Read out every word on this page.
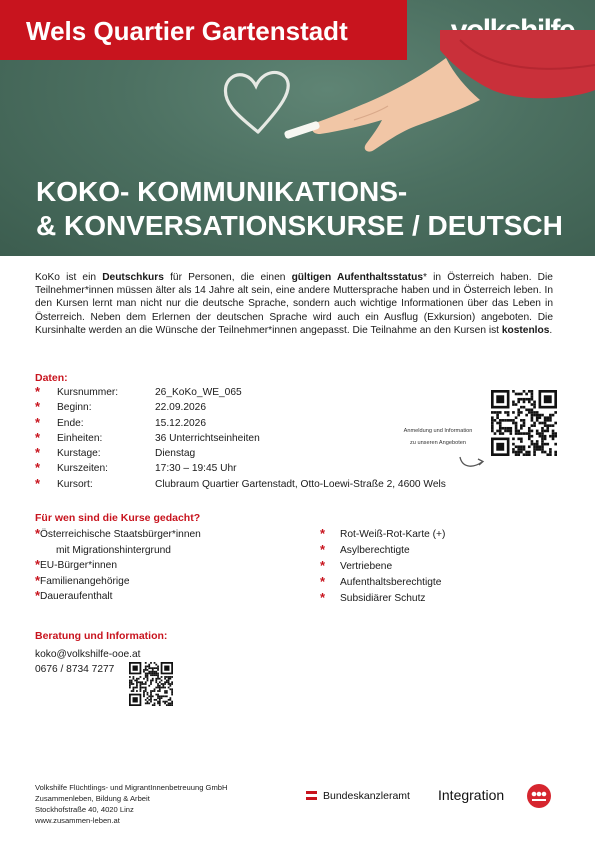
Wels Quartier Gartenstadt
KOKO- KOMMUNIKATIONS-
& KONVERSATIONSKURSE / DEUTSCH
KoKo ist ein Deutschkurs für Personen, die einen gültigen Aufenthaltsstatus* in Österreich haben. Die Teilnehmer*innen müssen älter als 14 Jahre alt sein, eine andere Muttersprache haben und in Österreich leben. In den Kursen lernt man nicht nur die deutsche Sprache, sondern auch wichtige Informationen über das Leben in Österreich. Neben dem Erlernen der deutschen Sprache wird auch ein Ausflug (Exkursion) angeboten. Die Kursinhalte werden an die Wünsche der Teilnehmer*innen angepasst. Die Teilnahme an den Kursen ist kostenlos.
Daten:
* Kursnummer:	26_KoKo_WE_065
* Beginn:	22.09.2026
* Ende:	15.12.2026
* Einheiten:	36 Unterrichtseinheiten
* Kurstage:	Dienstag
* Kurszeiten:	17:30 – 19:45 Uhr
* Kursort:	Clubraum Quartier Gartenstadt, Otto-Loewi-Straße 2, 4600 Wels
Anmeldung und Information
zu unseren Angeboten
Für wen sind die Kurse gedacht?
* Österreichische Staatsbürger*innen
mit Migrationshintergrund
* EU-Bürger*innen
* Familienangehörige
* Daueraufenthalt
* Rot-Weiß-Rot-Karte (+)
* Asylberechtigte
* Vertriebene
* Aufenthaltsberechtigte
* Subsidiärer Schutz
Beratung und Information:
koko@volkshilfe-ooe.at
0676 / 8734 7277
Volkshilfe Flüchtlings- und MigrantInnenbetreuung GmbH
Zusammenleben, Bildung & Arbeit
Stockhofstraße 40, 4020 Linz
www.zusammen-leben.at
Bundeskanzleramt Integration
